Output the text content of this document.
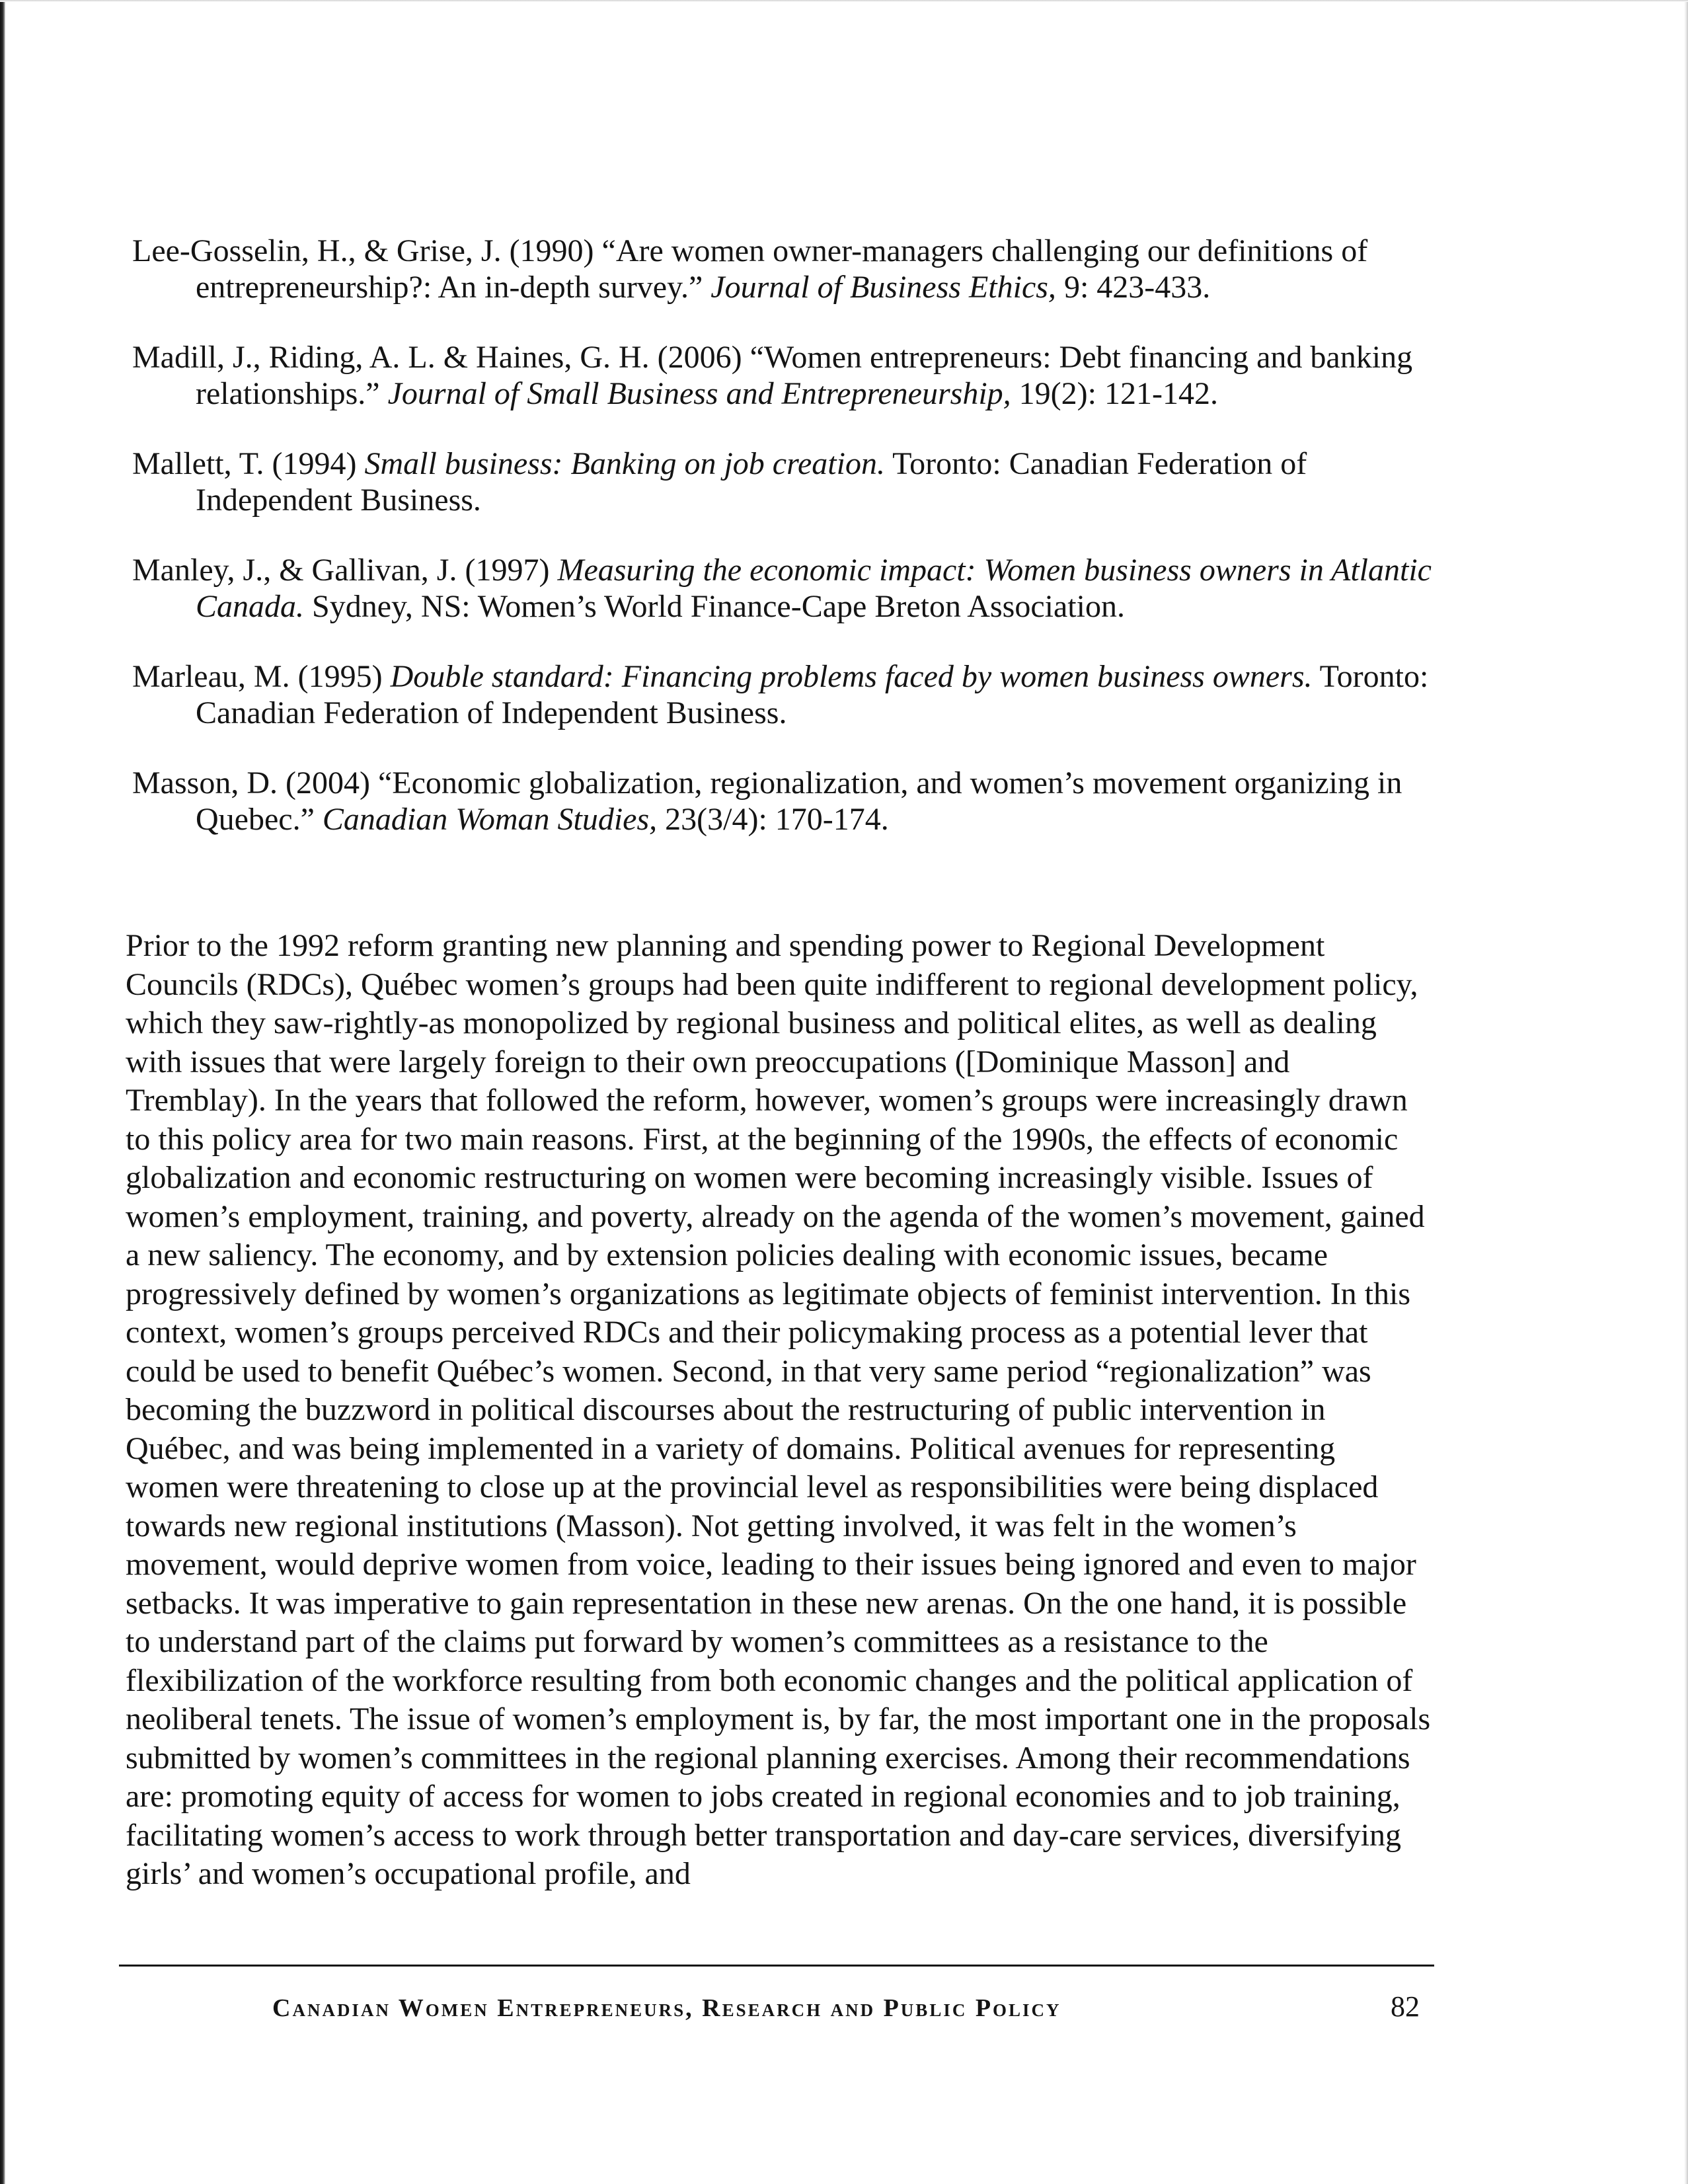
Lee-Gosselin, H., & Grise, J. (1990) “Are women owner-managers challenging our definitions of entrepreneurship?: An in-depth survey.” Journal of Business Ethics, 9: 423-433.

Madill, J., Riding, A. L. & Haines, G. H. (2006) “Women entrepreneurs: Debt financing and banking relationships.” Journal of Small Business and Entrepreneurship, 19(2): 121-142.

Mallett, T. (1994) Small business: Banking on job creation. Toronto: Canadian Federation of Independent Business.

Manley, J., & Gallivan, J. (1997) Measuring the economic impact: Women business owners in Atlantic Canada. Sydney, NS: Women’s World Finance-Cape Breton Association.

Marleau, M. (1995) Double standard: Financing problems faced by women business owners. Toronto: Canadian Federation of Independent Business.

Masson, D. (2004) “Economic globalization, regionalization, and women’s movement organizing in Quebec.” Canadian Woman Studies, 23(3/4): 170-174.

Prior to the 1992 reform granting new planning and spending power to Regional Development Councils (RDCs), Québec women’s groups had been quite indifferent to regional development policy, which they saw-rightly-as monopolized by regional business and political elites, as well as dealing with issues that were largely foreign to their own preoccupations ([Dominique Masson] and Tremblay). In the years that followed the reform, however, women’s groups were increasingly drawn to this policy area for two main reasons. First, at the beginning of the 1990s, the effects of economic globalization and economic restructuring on women were becoming increasingly visible. Issues of women’s employment, training, and poverty, already on the agenda of the women’s movement, gained a new saliency. The economy, and by extension policies dealing with economic issues, became progressively defined by women’s organizations as legitimate objects of feminist intervention. In this context, women’s groups perceived RDCs and their policymaking process as a potential lever that could be used to benefit Québec’s women. Second, in that very same period “regionalization” was becoming the buzzword in political discourses about the restructuring of public intervention in Québec, and was being implemented in a variety of domains. Political avenues for representing women were threatening to close up at the provincial level as responsibilities were being displaced towards new regional institutions (Masson). Not getting involved, it was felt in the women’s movement, would deprive women from voice, leading to their issues being ignored and even to major setbacks. It was imperative to gain representation in these new arenas. On the one hand, it is possible to understand part of the claims put forward by women’s committees as a resistance to the flexibilization of the workforce resulting from both economic changes and the political application of neoliberal tenets. The issue of women’s employment is, by far, the most important one in the proposals submitted by women’s committees in the regional planning exercises. Among their recommendations are: promoting equity of access for women to jobs created in regional economies and to job training, facilitating women’s access to work through better transportation and day-care services, diversifying girls’ and women’s occupational profile, and

Canadian Women Entrepreneurs, Research and Public Policy	82
